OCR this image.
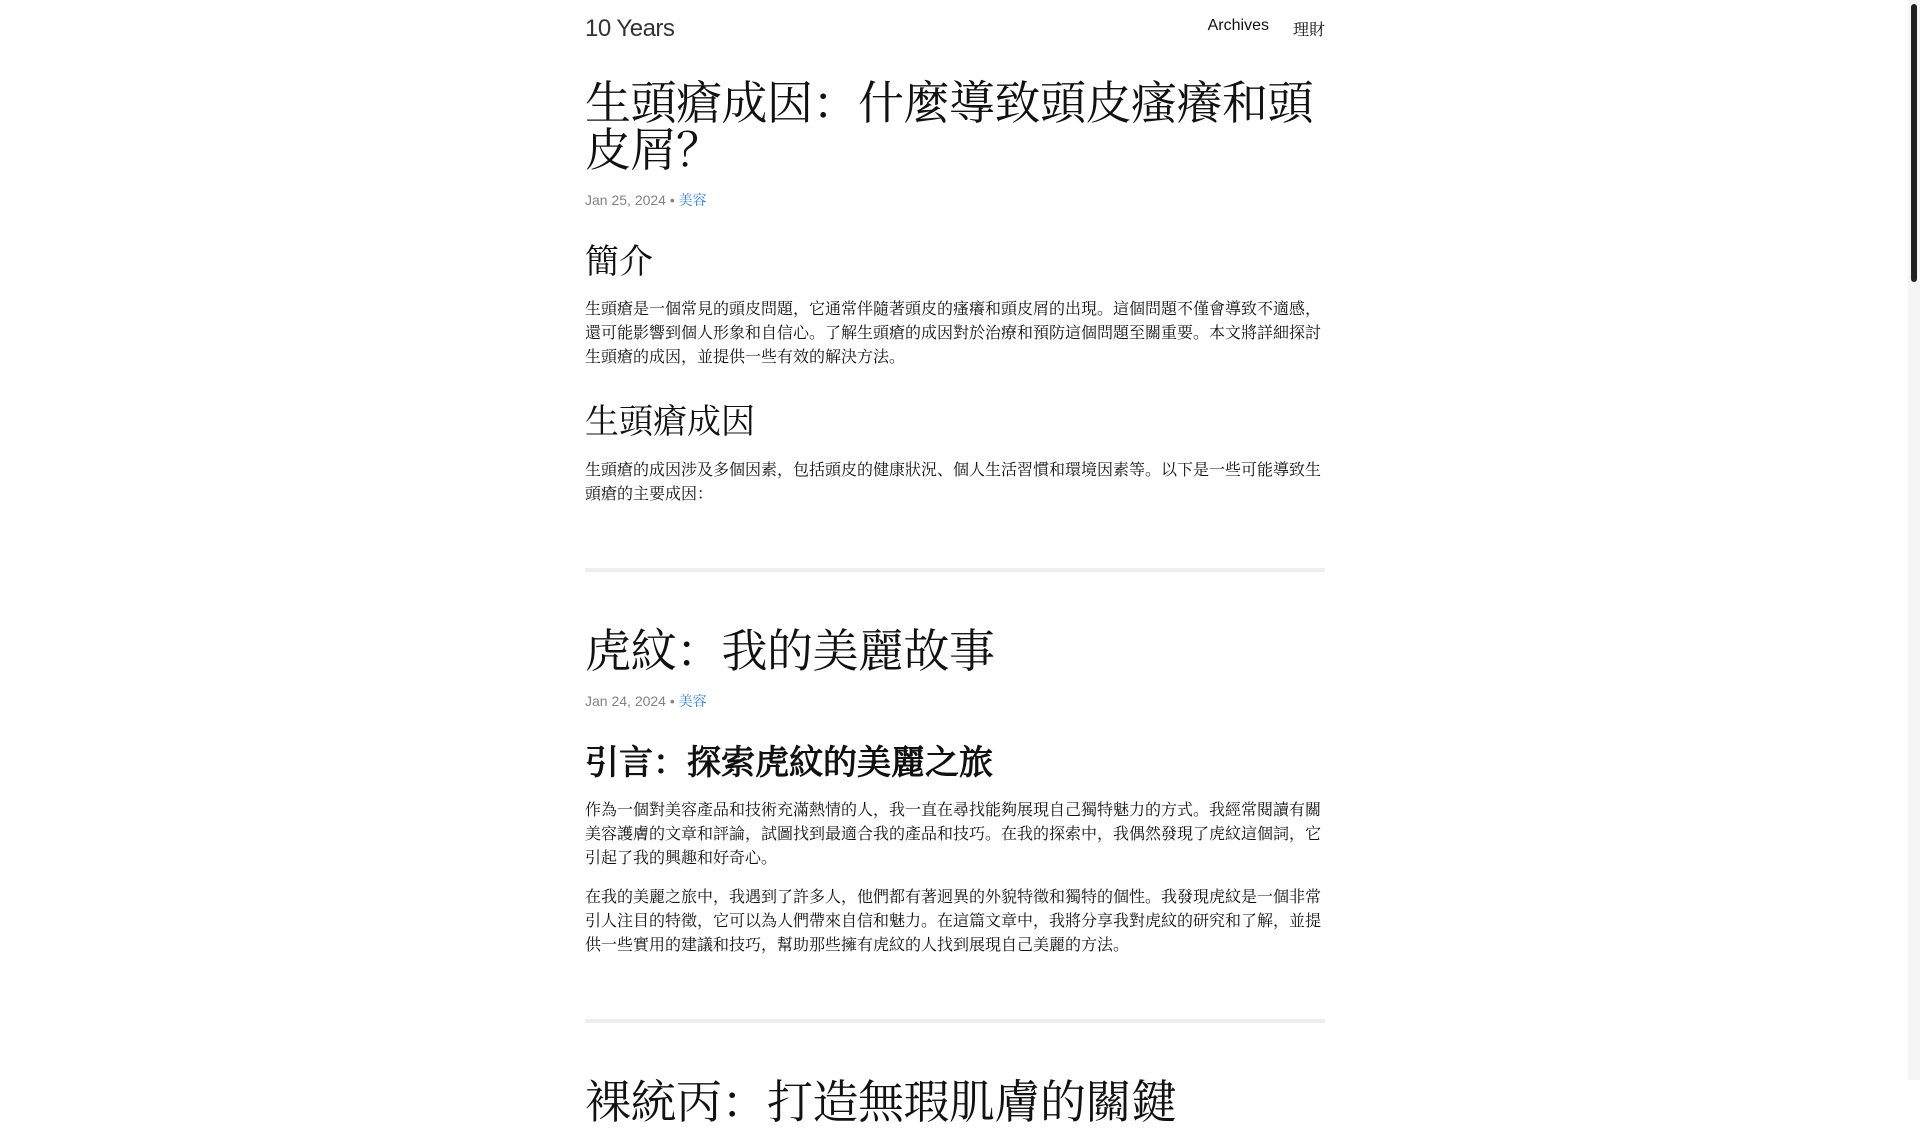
10 Years	Archives 理財
生頭瘡成因：什麼導致頭皮瘙癢和頭皮屑？
Jan 25, 2024 • 美容
簡介

生頭瘡是一個常見的頭皮問題，它通常伴隨著頭皮的瘙癢和頭皮屑的出現。這個問題不僅會導致不適感，還可能影響到個人形象和自信心。了解生頭瘡的成因對於治療和預防這個問題至關重要。本文將詳細探討生頭瘡的成因，並提供一些有效的解決方法。

生頭瘡成因

生頭瘡的成因涉及多個因素，包括頭皮的健康狀況、個人生活習慣和環境因素等。以下是一些可能導致生頭瘡的主要成因：

虎紋：我的美麗故事
Jan 24, 2024 • 美容
引言：探索虎紋的美麗之旅

作為一個對美容產品和技術充滿熱情的人，我一直在尋找能夠展現自己獨特魅力的方式。我經常閱讀有關美容護膚的文章和評論，試圖找到最適合我的產品和技巧。在我的探索中，我偶然發現了虎紋這個詞，它引起了我的興趣和好奇心。

在我的美麗之旅中，我遇到了許多人，他們都有著迥異的外貌特徵和獨特的個性。我發現虎紋是一個非常引人注目的特徵，它可以為人們帶來自信和魅力。在這篇文章中，我將分享我對虎紋的研究和了解，並提供一些實用的建議和技巧，幫助那些擁有虎紋的人找到展現自己美麗的方法。

裸統丙：打造無瑕肌膚的關鍵
